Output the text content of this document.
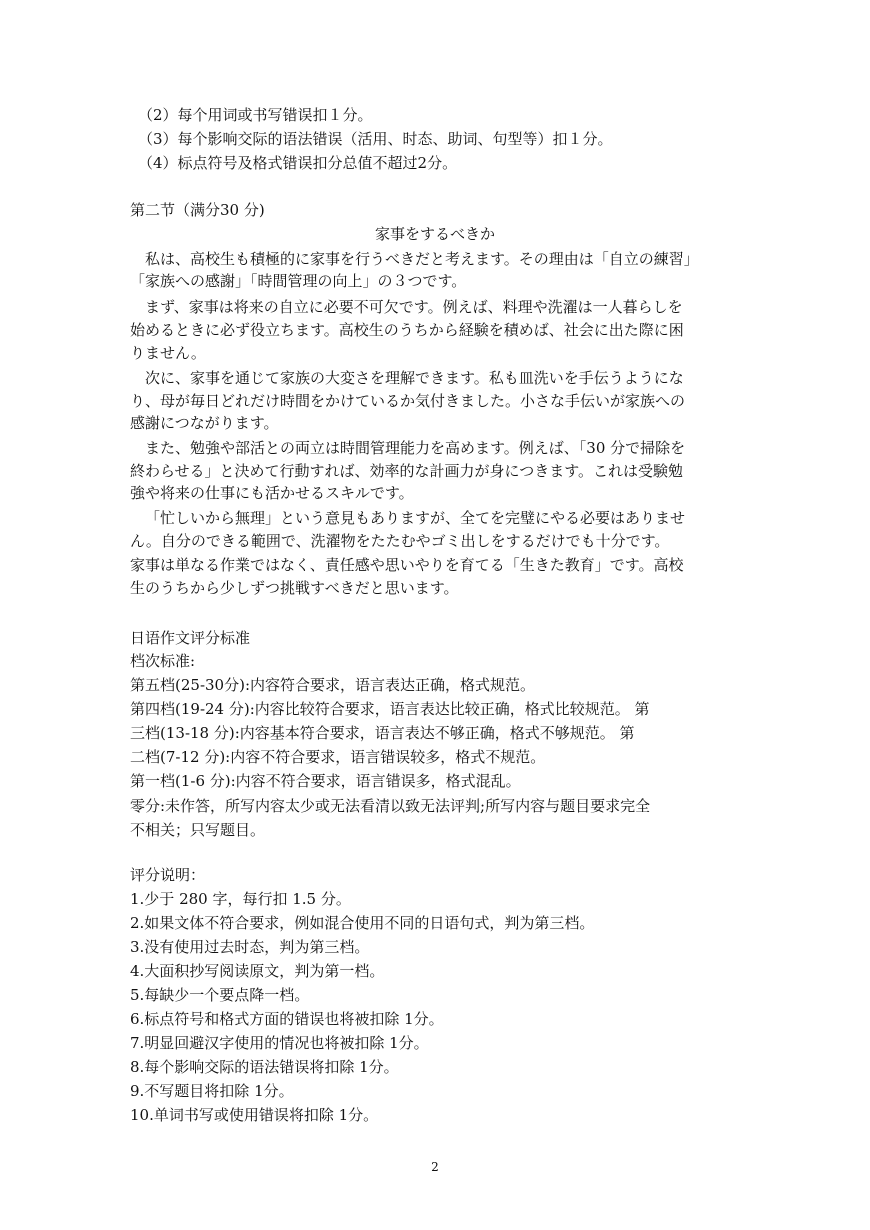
（2）每个用词或书写错误扣１分。
（3）每个影响交际的语法错误（活用、时态、助词、句型等）扣１分。
（4）标点符号及格式错误扣分总值不超过2分。
第二节（满分30 分)
家事をするべきか
私は、高校生も積極的に家事を行うべきだと考えます。その理由は「自立の練習」
「家族への感謝」「時間管理の向上」の３つです。
まず、家事は将来の自立に必要不可欠です。例えば、料理や洗濯は一人暮らしを
始めるときに必ず役立ちます。高校生のうちから経験を積めば、社会に出た際に困
りません。
次に、家事を通じて家族の大変さを理解できます。私も皿洗いを手伝うようにな
り、母が毎日どれだけ時間をかけているか気付きました。小さな手伝いが家族への
感謝につながります。
また、勉強や部活との両立は時間管理能力を高めます。例えば、「30 分で掃除を
終わらせる」と決めて行動すれば、効率的な計画力が身につきます。これは受験勉
強や将来の仕事にも活かせるスキルです。
「忙しいから無理」という意見もありますが、全てを完璧にやる必要はありませ
ん。自分のできる範囲で、洗濯物をたたむやゴミ出しをするだけでも十分です。
家事は単なる作業ではなく、責任感や思いやりを育てる「生きた教育」です。高校
生のうちから少しずつ挑戦すべきだと思います。
日语作文评分标准
档次标准:
第五档(25-30分):内容符合要求，语言表达正确，格式规范。
第四档(19-24 分):内容比较符合要求，语言表达比较正确，格式比较规范。 第
三档(13-18 分):内容基本符合要求，语言表达不够正确，格式不够规范。 第
二档(7-12 分):内容不符合要求，语言错误较多，格式不规范。
第一档(1-6 分):内容不符合要求，语言错误多，格式混乱。
零分:未作答，所写内容太少或无法看清以致无法评判;所写内容与题目要求完全
不相关；只写题目。
评分说明：
1.少于 280 字，每行扣 1.5 分。
2.如果文体不符合要求，例如混合使用不同的日语句式，判为第三档。
3.没有使用过去时态，判为第三档。
4.大面积抄写阅读原文，判为第一档。
5.每缺少一个要点降一档。
6.标点符号和格式方面的错误也将被扣除 1分。
7.明显回避汉字使用的情况也将被扣除 1分。
8.每个影响交际的语法错误将扣除 1分。
9.不写题目将扣除 1分。
10.单词书写或使用错误将扣除 1分。
2
